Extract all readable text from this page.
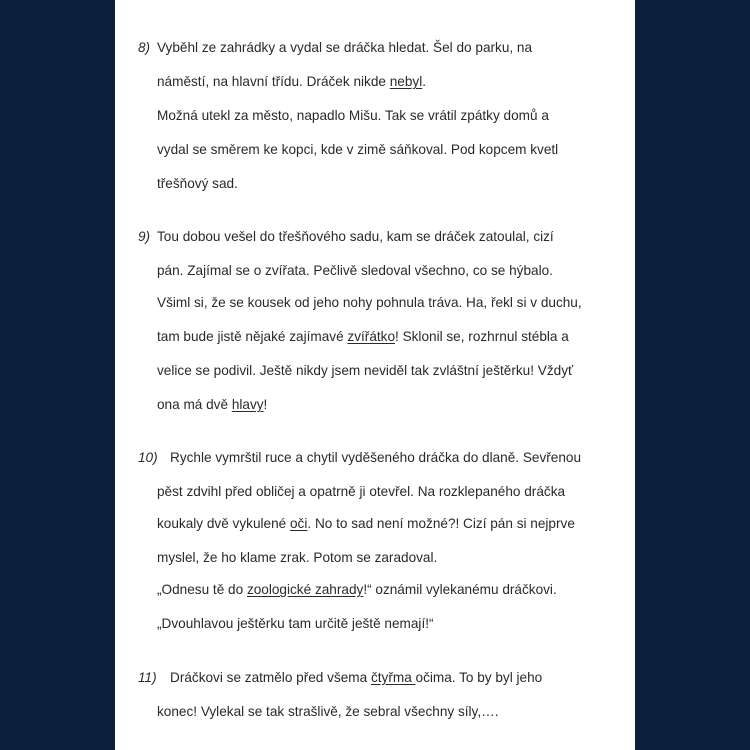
8) Vyběhl ze zahrádky a vydal se dráčka hledat. Šel do parku, na
náměstí, na hlavní třídu. Dráček nikde nebyl.
Možná utekl za město, napadlo Mišu. Tak se vrátil zpátky domů a
vydal se směrem ke kopci, kde v zimě sáňkoval. Pod kopcem kvetl
třešňový sad.
9) Tou dobou vešel do třešňového sadu, kam se dráček zatoulal, cizí
pán. Zajímal se o zvířata. Pečlivě sledoval všechno, co se hýbalo.
Všiml si, že se kousek od jeho nohy pohnula tráva. Ha, řekl si v duchu,
tam bude jistě nějaké zajímavé zvířátko! Sklonil se, rozhrnul stébla a
velice se podivil. Ještě nikdy jsem neviděl tak zvláštní ještěrku! Vždyť
ona má dvě hlavy!
10) Rychle vymrštil ruce a chytil vyděšeného dráčka do dlaně. Sevřenou
pěst zdvihl před obličej a opatrně ji otevřel. Na rozklepaného dráčka
koukaly dvě vykulené oči. No to sad není možné?! Cizí pán si nejprve
myslel, že ho klame zrak. Potom se zaradoval.
„Odnesu tě do zoologické zahrady!“ oznámil vylekanému dráčkovi.
„Dvouhlavou ještěrku tam určitě ještě nemají!“
11) Dráčkovi se zatmělo před všema čtyřma očima. To by byl jeho
konec! Vylekal se tak strašlivě, že sebral všechny síly,….
